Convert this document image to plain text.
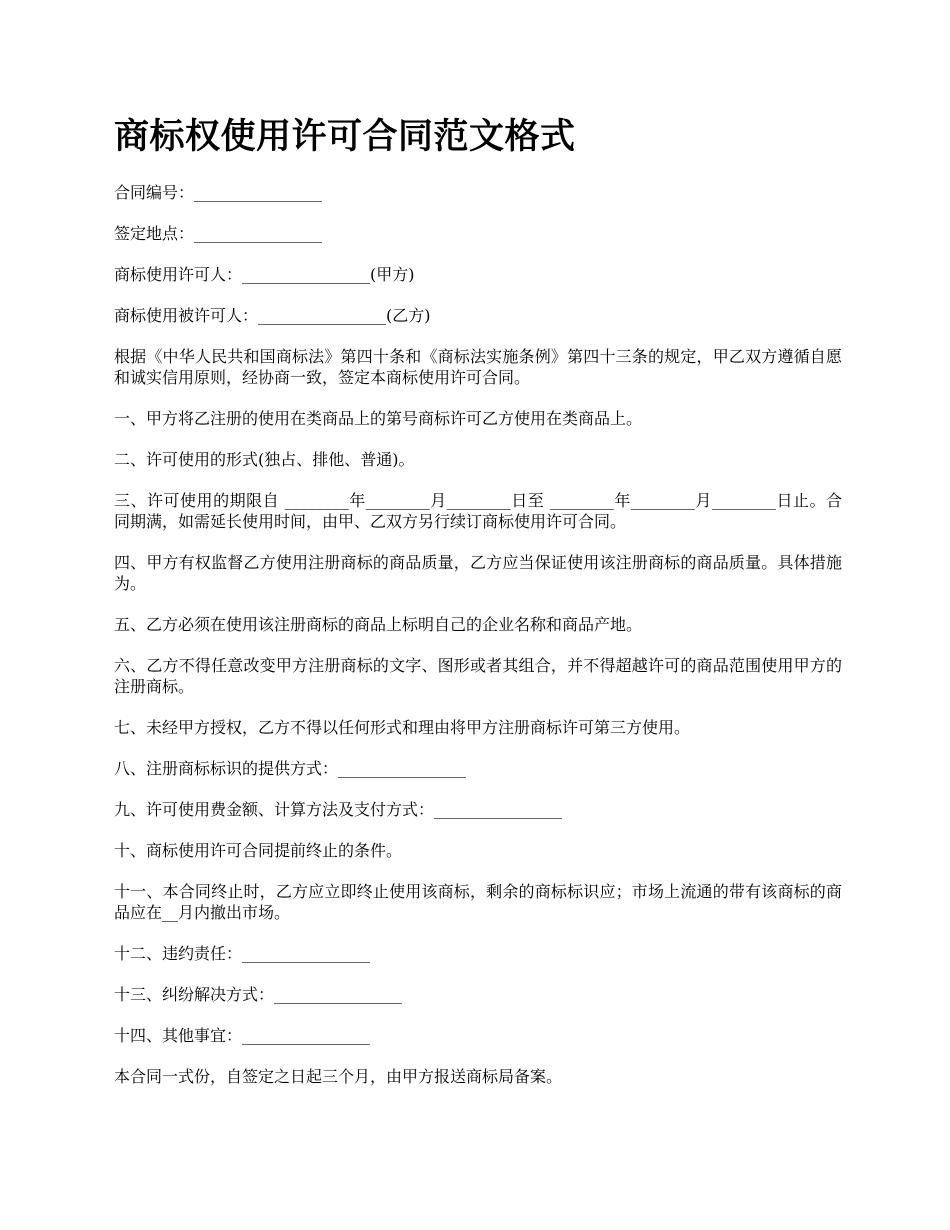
商标权使用许可合同范文格式

合同编号：________________

签定地点：________________

商标使用许可人：________________(甲方)

商标使用被许可人：________________(乙方)

根据《中华人民共和国商标法》第四十条和《商标法实施条例》第四十三条的规定，甲乙双方遵循自愿和诚实信用原则，经协商一致，签定本商标使用许可合同。

一、甲方将乙注册的使用在类商品上的第号商标许可乙方使用在类商品上。

二、许可使用的形式(独占、排他、普通)。

三、许可使用的期限自 ________年________月________日至 ________年________月________日止。合同期满，如需延长使用时间，由甲、乙双方另行续订商标使用许可合同。

四、甲方有权监督乙方使用注册商标的商品质量，乙方应当保证使用该注册商标的商品质量。具体措施为。

五、乙方必须在使用该注册商标的商品上标明自己的企业名称和商品产地。

六、乙方不得任意改变甲方注册商标的文字、图形或者其组合，并不得超越许可的商品范围使用甲方的注册商标。

七、未经甲方授权，乙方不得以任何形式和理由将甲方注册商标许可第三方使用。

八、注册商标标识的提供方式：________________

九、许可使用费金额、计算方法及支付方式：________________

十、商标使用许可合同提前终止的条件。

十一、本合同终止时，乙方应立即终止使用该商标，剩余的商标标识应；市场上流通的带有该商标的商品应在__月内撤出市场。

十二、违约责任：________________

十三、纠纷解决方式：________________

十四、其他事宜：________________

本合同一式份，自签定之日起三个月，由甲方报送商标局备案。
